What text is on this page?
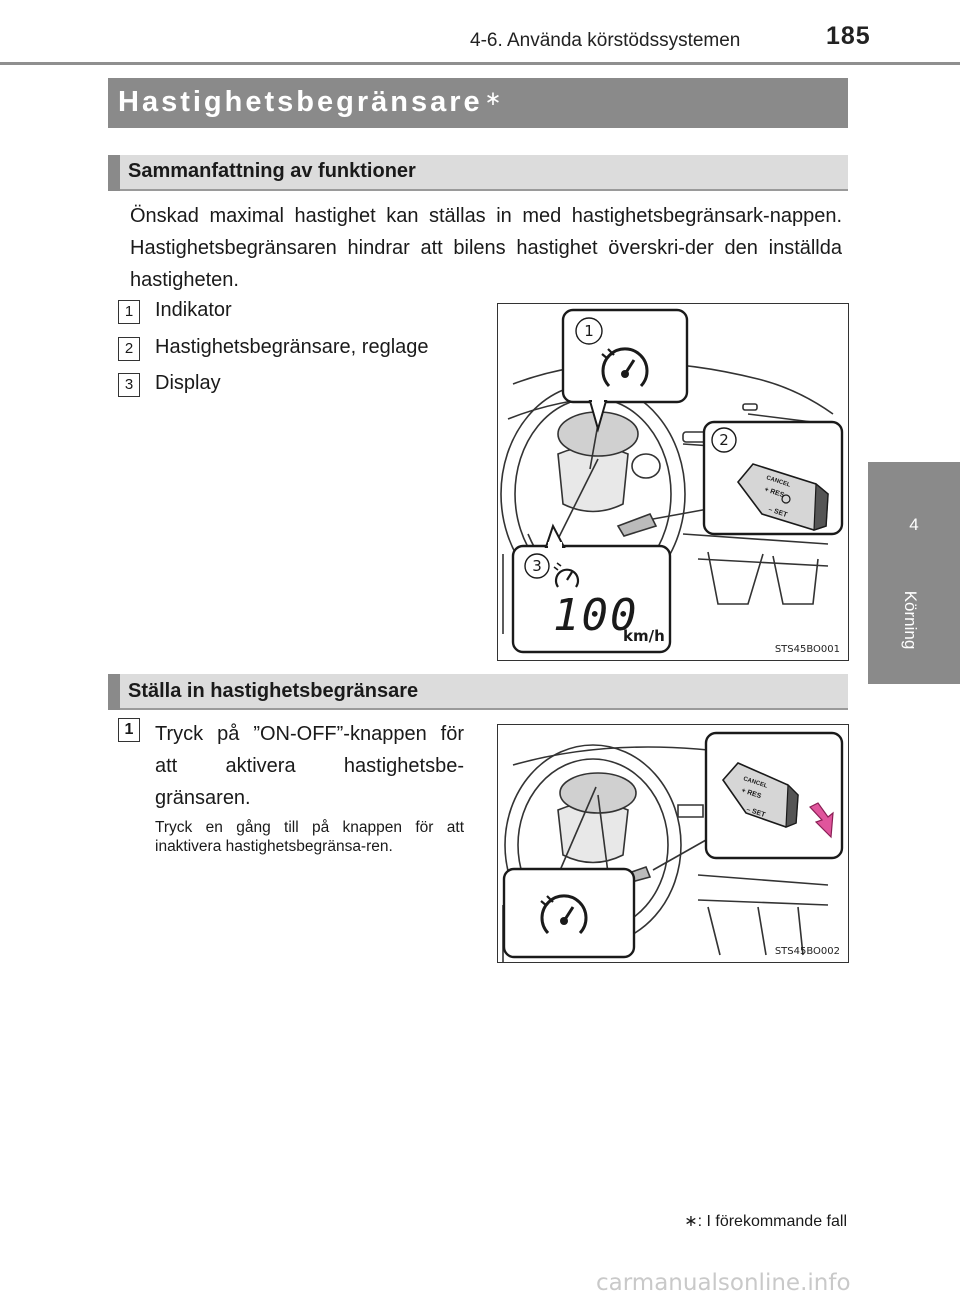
4-6. Använda körstödssystemen	185
4
Körning
Hastighetsbegränsare ∗
Sammanfattning av funktioner
Önskad maximal hastighet kan ställas in med hastighetsbegränsark-nappen. Hastighetsbegränsaren hindrar att bilens hastighet överskri-der den inställda hastigheten.
1 Indikator
2 Hastighetsbegränsare, reglage
3 Display
1
2
CANCEL
+ RES
– SET
3
100
km/h
STS45BO001
Ställa in hastighetsbegränsare
1	Tryck på ”ON-OFF”-knappen för att aktivera hastighetsbe-gränsaren.
Tryck en gång till på knappen för att inaktivera hastighetsbegränsa-ren.
CANCEL
+ RES
– SET
STS45BO002
∗: I förekommande fall
carmanualsonline.info
